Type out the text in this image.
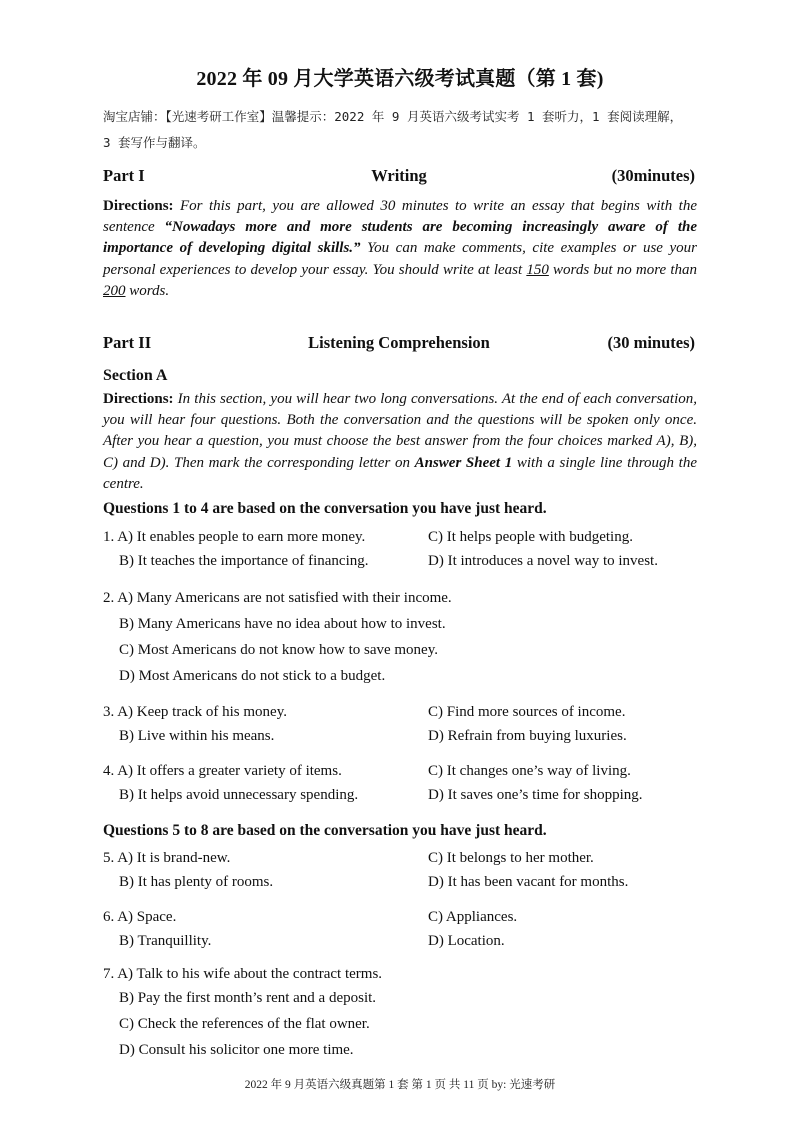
2022 年 09 月大学英语六级考试真题（第 1 套)
淘宝店铺：【光速考研工作室】温馨提示：2022 年 9 月英语六级考试实考 1 套听力，1 套阅读理解，
3 套写作与翻译。
Writing
Part I	(30minutes)
Directions: For this part, you are allowed 30 minutes to write an essay that begins with the sentence “Nowadays more and more students are becoming increasingly aware of the importance of developing digital skills.” You can make comments, cite examples or use your personal experiences to develop your essay. You should write at least 150 words but no more than 200 words.
Listening Comprehension
Part II	(30 minutes)
Section A
Directions: In this section, you will hear two long conversations. At the end of each conversation, you will hear four questions. Both the conversation and the questions will be spoken only once. After you hear a question, you must choose the best answer from the four choices marked A), B), C) and D). Then mark the corresponding letter on Answer Sheet 1 with a single line through the centre.
Questions 1 to 4 are based on the conversation you have just heard.
1. A) It enables people to earn more money.
B) It teaches the importance of financing.
C) It helps people with budgeting.
D) It introduces a novel way to invest.
2. A) Many Americans are not satisfied with their income.
B) Many Americans have no idea about how to invest.
C) Most Americans do not know how to save money.
D) Most Americans do not stick to a budget.
3. A) Keep track of his money.
B) Live within his means.
C) Find more sources of income.
D) Refrain from buying luxuries.
4. A) It offers a greater variety of items.
B) It helps avoid unnecessary spending.
C) It changes one’s way of living.
D) It saves one’s time for shopping.
Questions 5 to 8 are based on the conversation you have just heard.
5. A) It is brand-new.
B) It has plenty of rooms.
C) It belongs to her mother.
D) It has been vacant for months.
6. A) Space.
B) Tranquillity.
C) Appliances.
D) Location.
7. A) Talk to his wife about the contract terms.
B) Pay the first month’s rent and a deposit.
C) Check the references of the flat owner.
D) Consult his solicitor one more time.
2022 年 9 月英语六级真题第 1 套 第 1 页 共 11 页 by: 光速考研
